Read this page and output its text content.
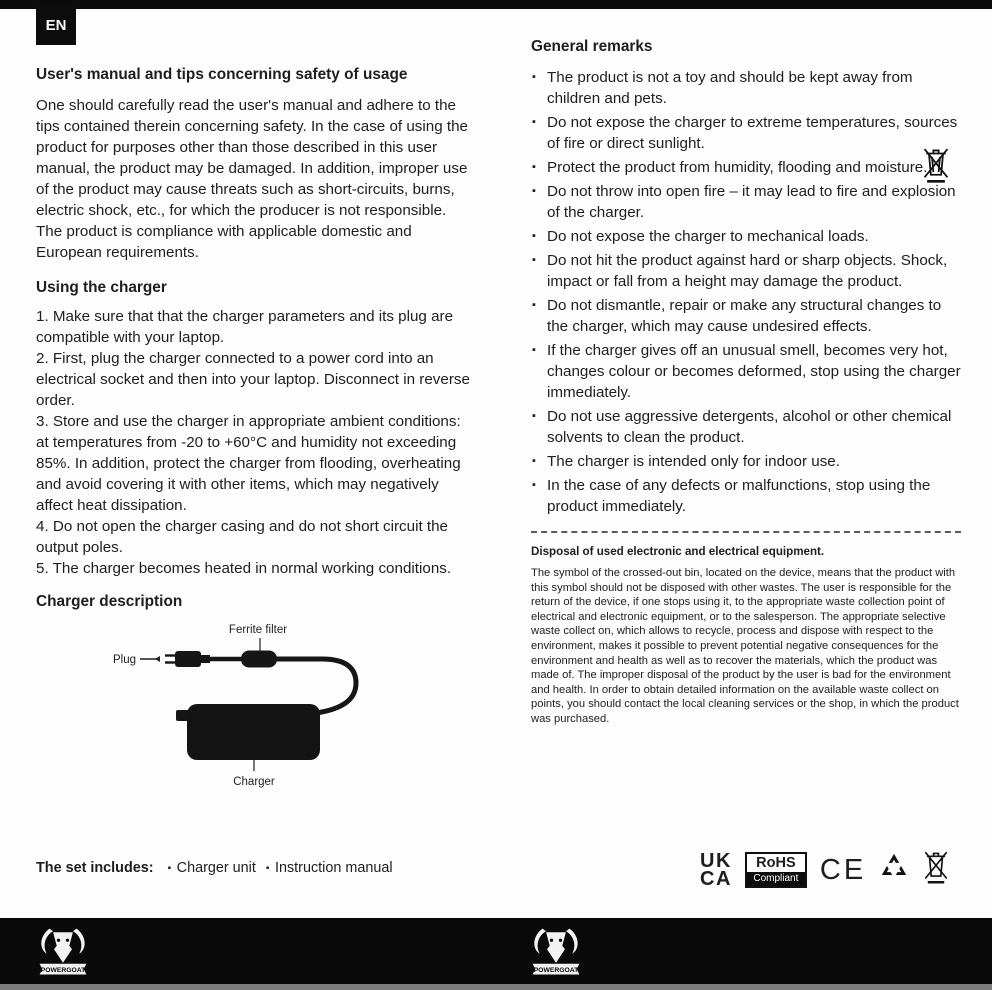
EN
User's manual and tips concerning safety of usage

One should carefully read the user's manual and adhere to the tips contained therein concerning safety. In the case of using the product for purposes other than those described in this user manual, the product may be damaged. In addition, improper use of the product may cause threats such as short-circuits, burns, electric shock, etc., for which the producer is not responsible. The product is compliance with applicable domestic and European requirements.

Using the charger

1. Make sure that that the charger parameters and its plug are compatible with your laptop.

2. First, plug the charger connected to a power cord into an electrical socket and then into your laptop. Disconnect in reverse order.

3. Store and use the charger in appropriate ambient conditions: at temperatures from -20 to +60°C and humidity not exceeding 85%. In addition, protect the charger from flooding, overheating and avoid covering it with other items, which may negatively affect heat dissipation.

4. Do not open the charger casing and do not short circuit the output poles.

5. The charger becomes heated in normal working conditions.

Charger description
Ferrite filter
Plug
Charger
General remarks
▪ The product is not a toy and should be kept away from children and pets.
▪ Do not expose the charger to extreme temperatures, sources of fire or direct sunlight.
▪ Protect the product from humidity, flooding and moisture.
▪ Do not throw into open fire – it may lead to fire and explosion of the charger.
▪ Do not expose the charger to mechanical loads.
▪ Do not hit the product against hard or sharp objects. Shock, impact or fall from a height may damage the product.
▪ Do not dismantle, repair or make any structural changes to the charger, which may cause undesired effects.
▪ If the charger gives off an unusual smell, becomes very hot, changes colour or becomes deformed, stop using the charger immediately.
▪ Do not use aggressive detergents, alcohol or other chemical solvents to clean the product.
▪ The charger is intended only for indoor use.
▪ In the case of any defects or malfunctions, stop using the product immediately.
Disposal of used electronic and electrical equipment.

The symbol of the crossed-out bin, located on the device, means that the product with this symbol should not be disposed with other wastes. The user is responsible for the return of the device, if one stops using it, to the appropriate waste collection point of electrical and electronic equipment, or to the salesperson. The appropriate selective waste collect on, which allows to recycle, process and dispose with respect to the environment, makes it possible to prevent potential negative consequences for the environment and health as well as to recover the materials, which the product was made of. The improper disposal of the product by the user is bad for the environment and health. In order to obtain detailed information on the available waste collect on points, you should contact the local cleaning services or the shop, in which the product was purchased.

The set includes: ▪  Charger unit ▪  Instruction manual	UK
CA
RoHS
Compliant CE
POWERGOAT	POWERGOAT
